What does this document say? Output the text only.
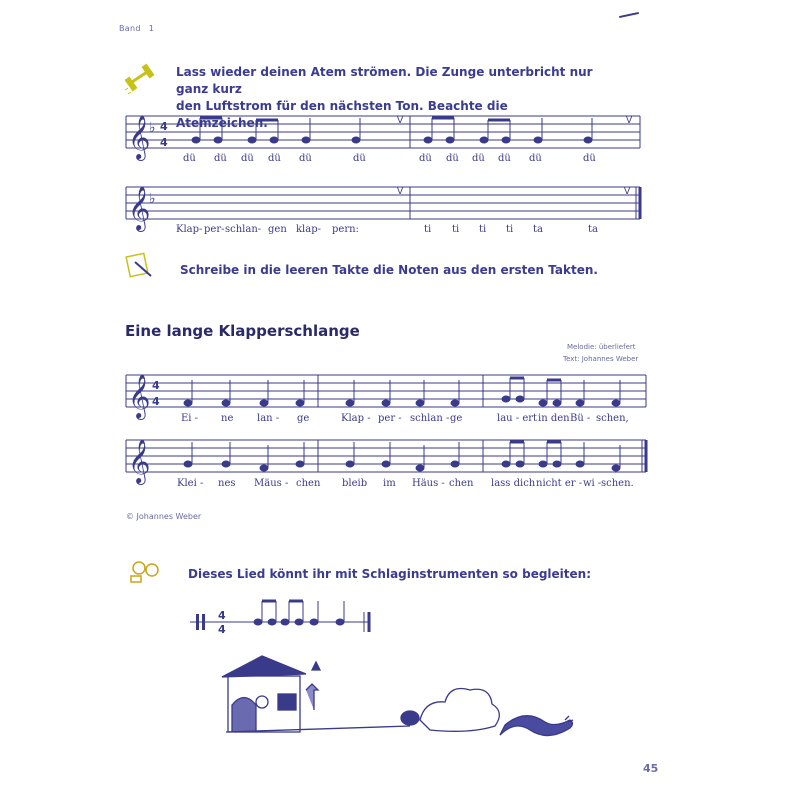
Band 1
𝄞
♭ 4
4
V	V
𝄞
♭	V	V
𝄞 4
4
𝄞
4
4
Lass wieder deinen Atem strömen. Die Zunge unterbricht nur ganz kurz
den Luftstrom für den nächsten Ton. Beachte die Atemzeichen.
dü dü dü dü dü	dü	dü dü dü dü dü	dü
Klap- per- schlan- gen klap- pern:	ti ti ti ti ta	ta
Schreibe in die leeren Takte die Noten aus den ersten Takten.
Eine lange Klapperschlange
Melodie: überliefert
Text: Johannes Weber
Ei - ne lan - ge	Klap - per - schlan - ge	lau - ert in den Bü - schen,
Klei - nes Mäus - chen bleib im Häus - chen lass dich nicht er - wi - schen.
© Johannes Weber
Dieses Lied könnt ihr mit Schlaginstrumenten so begleiten:
45
